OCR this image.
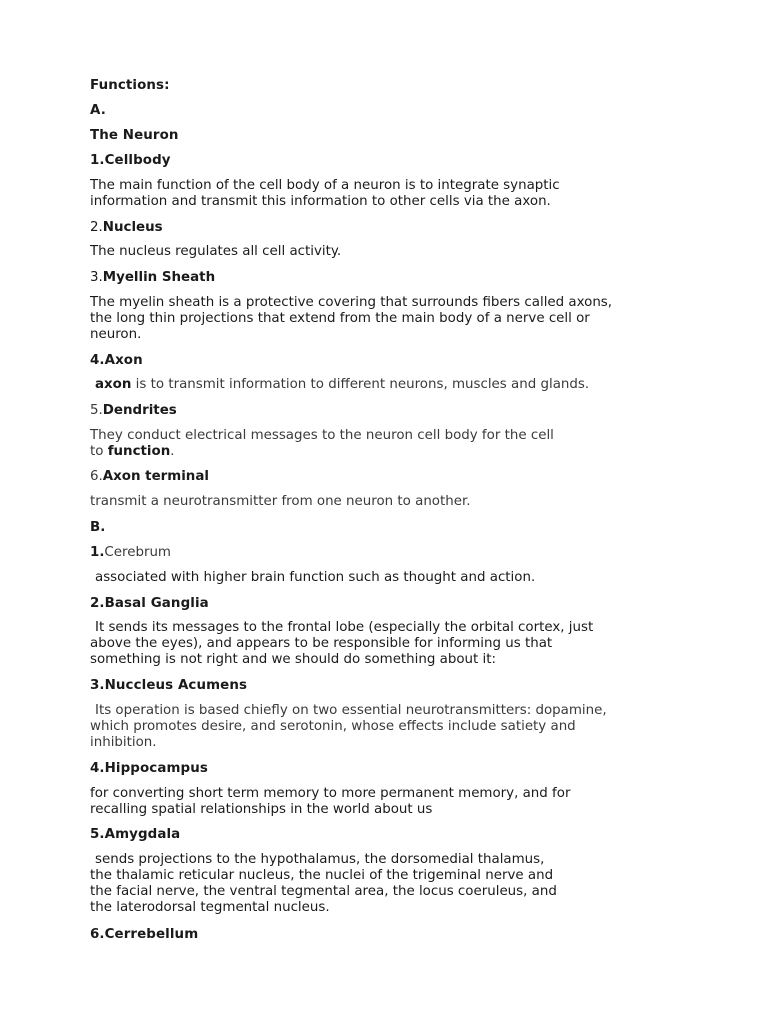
Functions:
A.
The Neuron
1.Cellbody
The main function of the cell body of a neuron is to integrate synaptic
information and transmit this information to other cells via the axon.
2.Nucleus
The nucleus regulates all cell activity.
3.Myellin Sheath
The myelin sheath is a protective covering that surrounds fibers called axons,
the long thin projections that extend from the main body of a nerve cell or
neuron.
4.Axon
axon is to transmit information to different neurons, muscles and glands.
5.Dendrites
They conduct electrical messages to the neuron cell body for the cell
to function.
6.Axon terminal
transmit a neurotransmitter from one neuron to another.
B.
1.Cerebrum
associated with higher brain function such as thought and action.
2.Basal Ganglia
It sends its messages to the frontal lobe (especially the orbital cortex, just
above the eyes), and appears to be responsible for informing us that
something is not right and we should do something about it:
3.Nuccleus Acumens
Its operation is based chiefly on two essential neurotransmitters: dopamine,
which promotes desire, and serotonin, whose effects include satiety and
inhibition.
4.Hippocampus
for converting short term memory to more permanent memory, and for
recalling spatial relationships in the world about us
5.Amygdala
sends projections to the hypothalamus, the dorsomedial thalamus,
the thalamic reticular nucleus, the nuclei of the trigeminal nerve and
the facial nerve, the ventral tegmental area, the locus coeruleus, and
the laterodorsal tegmental nucleus.
6.Cerrebellum
